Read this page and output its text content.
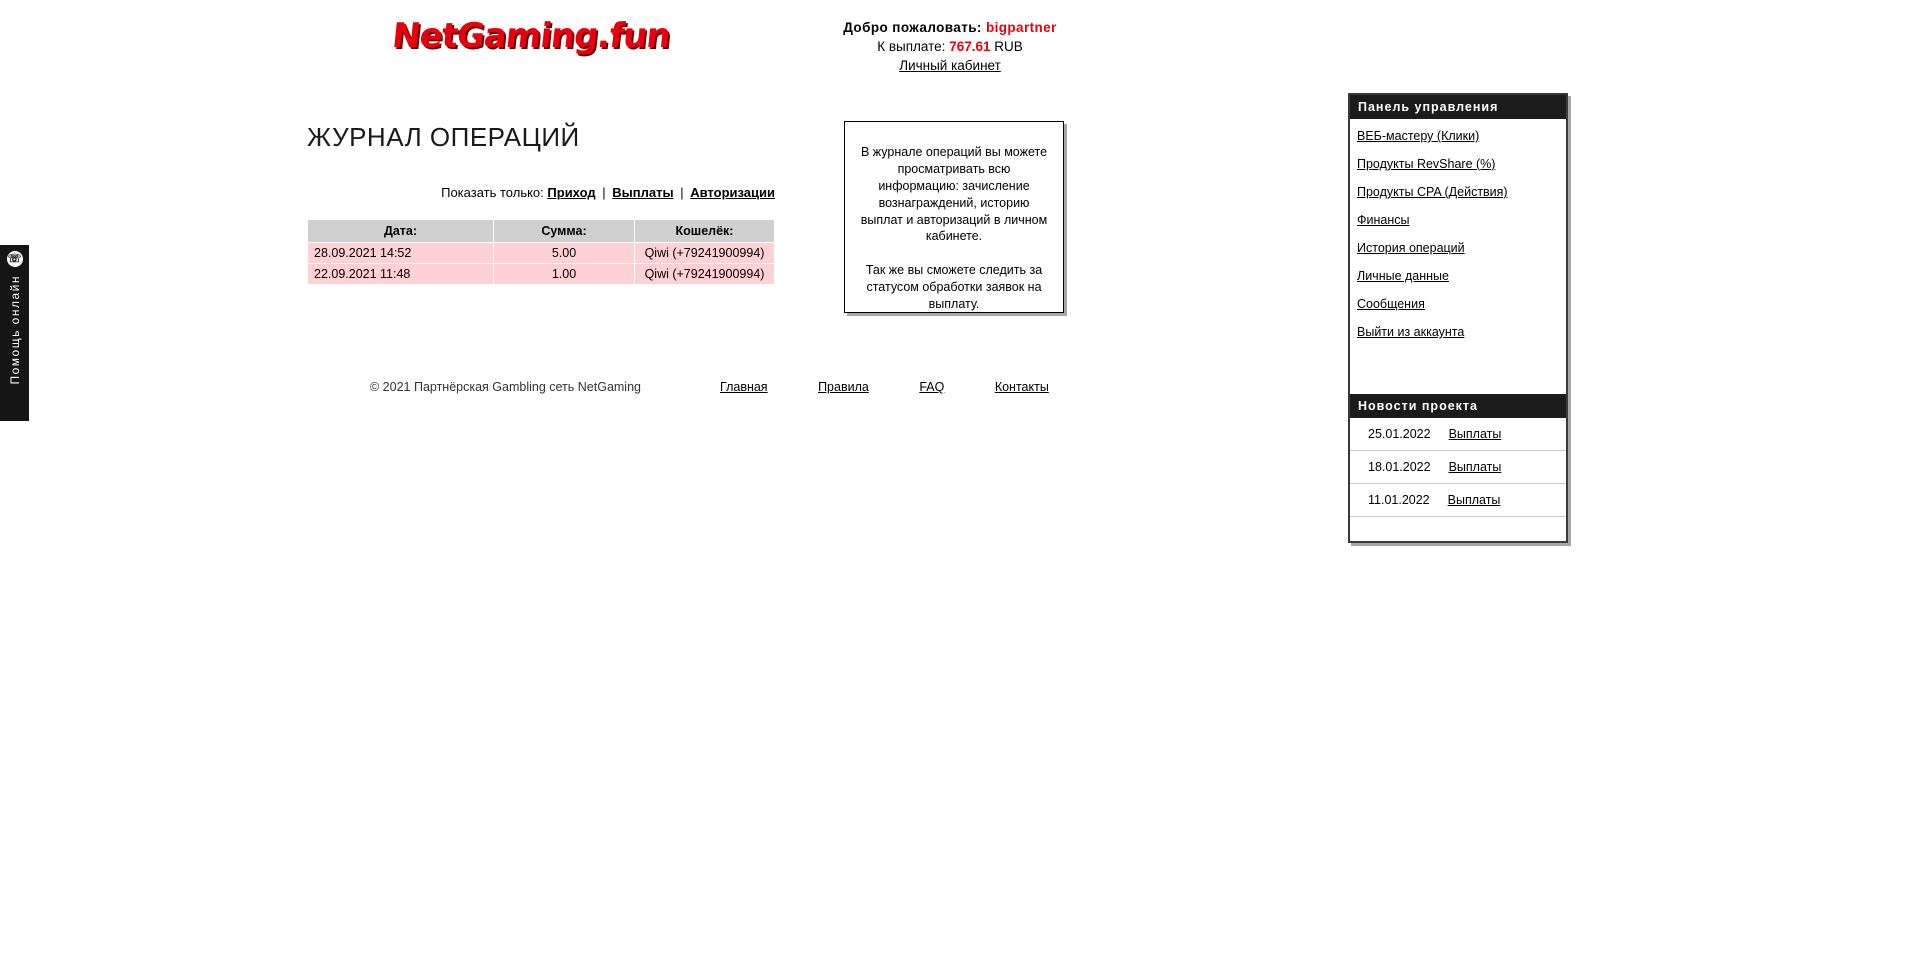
☏
Помощь онлайн
NetGaming.fun	Добро пожаловать: bigpartner
К выплате: 767.61 RUB
Личный кабинет
ЖУРНАЛ ОПЕРАЦИЙ
Показать только: Приход | Выплаты | Авторизации
Дата:	Сумма:	Кошелёк:
28.09.2021 14:52	5.00	Qiwi (+79241900994)
22.09.2021 11:48	1.00	Qiwi (+79241900994)
В журнале операций вы можете просматривать всю информацию: зачисление вознаграждений, историю выплат и авторизаций в личном кабинете.
Так же вы сможете следить за статусом обработки заявок на выплату.
© 2021 Партнёрская Gambling сеть NetGaming	Главная	Правила	FAQ	Контакты
Панель управления
ВЕБ-мастеру (Клики)
Продукты RevShare (%)
Продукты CPA (Действия)
Финансы
История операций
Личные данные
Сообщения
Выйти из аккаунта
Новости проекта
25.01.2022 Выплаты
18.01.2022 Выплаты
11.01.2022 Выплаты
